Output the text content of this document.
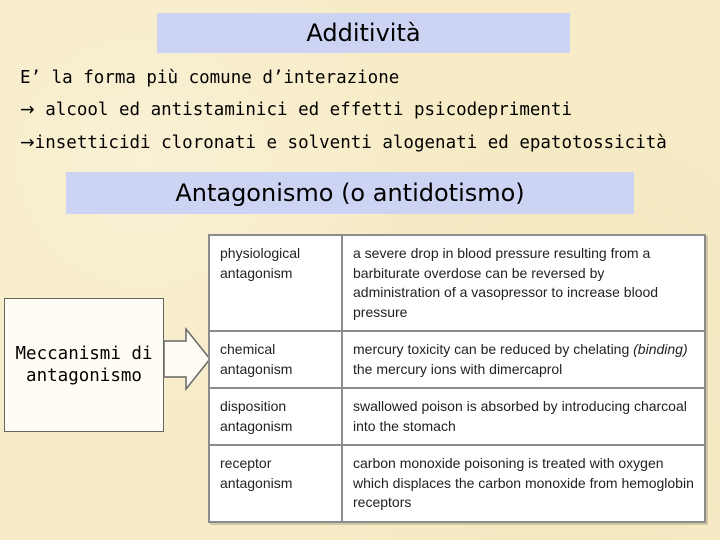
Additività
E’ la forma più comune d’interazione
→ alcool ed antistaminici ed effetti psicodeprimenti
→insetticidi cloronati e solventi alogenati ed epatotossicità
Antagonismo (o antidotismo)
Meccanismi di antagonismo
physiological antagonism	a severe drop in blood pressure resulting from a barbiturate overdose can be reversed by administration of a vasopressor to increase blood pressure
chemical antagonism	mercury toxicity can be reduced by chelating (binding) the mercury ions with dimercaprol
disposition antagonism	swallowed poison is absorbed by introducing charcoal into the stomach
receptor antagonism	carbon monoxide poisoning is treated with oxygen which displaces the carbon monoxide from hemoglobin receptors
